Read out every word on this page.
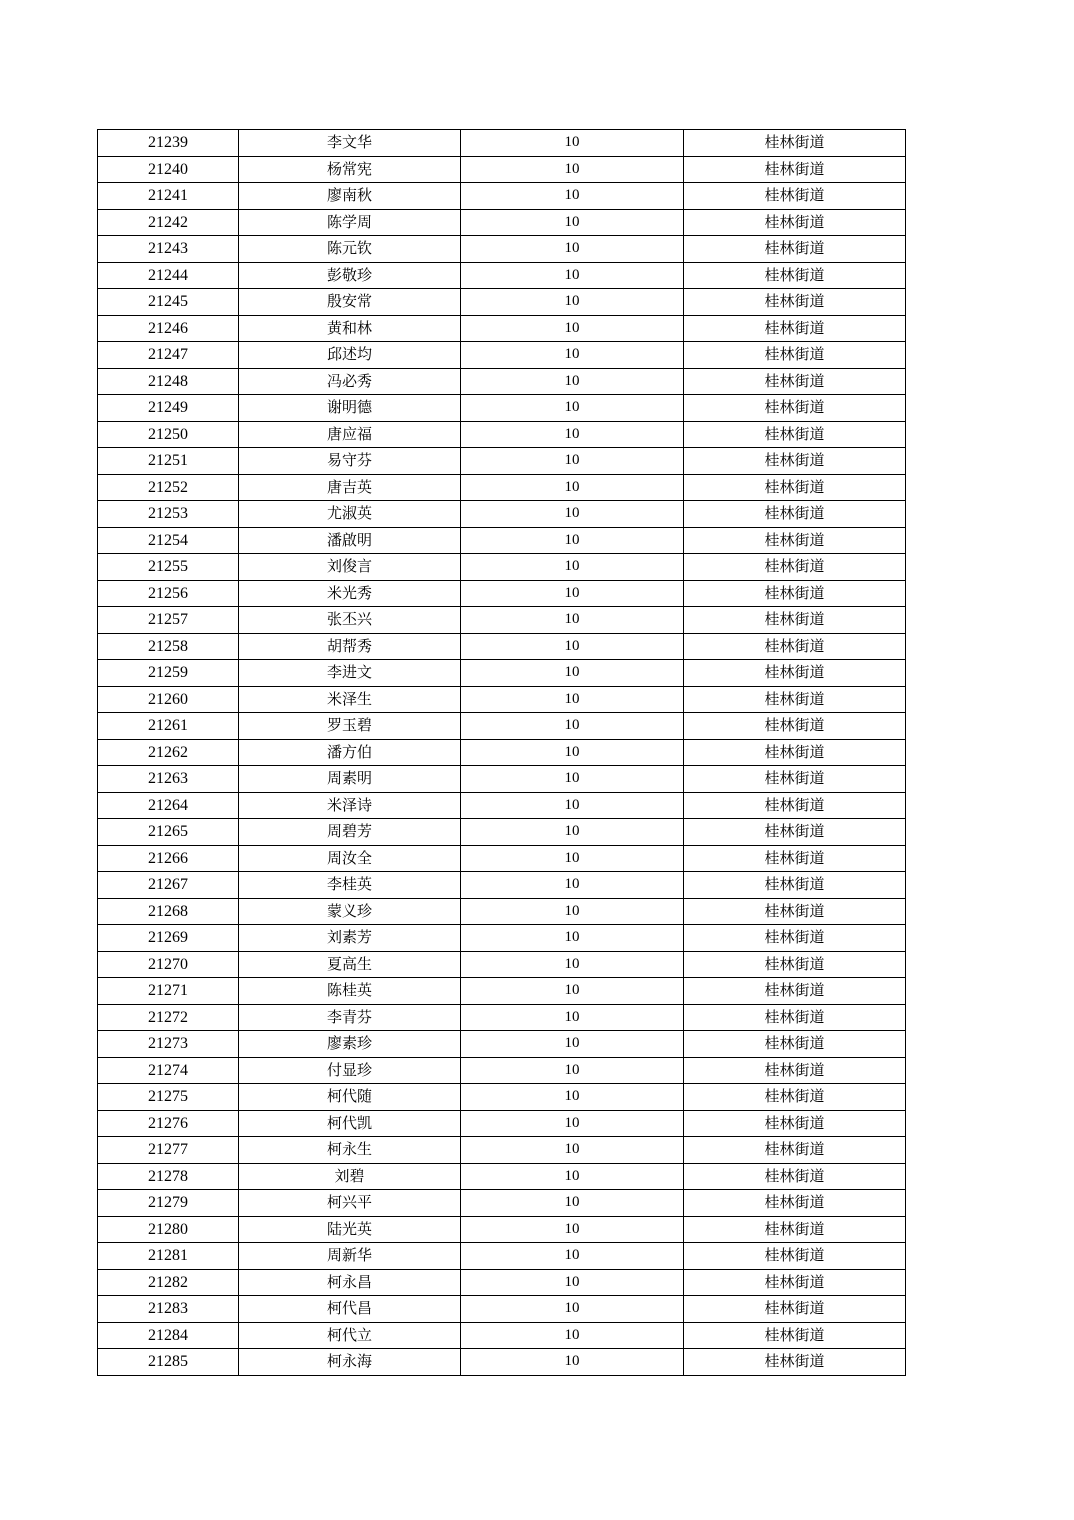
21239	李文华	10	桂林街道
21240	杨常宪	10	桂林街道
21241	廖南秋	10	桂林街道
21242	陈学周	10	桂林街道
21243	陈元钦	10	桂林街道
21244	彭敬珍	10	桂林街道
21245	殷安常	10	桂林街道
21246	黄和林	10	桂林街道
21247	邱述均	10	桂林街道
21248	冯必秀	10	桂林街道
21249	谢明德	10	桂林街道
21250	唐应福	10	桂林街道
21251	易守芬	10	桂林街道
21252	唐吉英	10	桂林街道
21253	尤淑英	10	桂林街道
21254	潘啟明	10	桂林街道
21255	刘俊言	10	桂林街道
21256	米光秀	10	桂林街道
21257	张丕兴	10	桂林街道
21258	胡帮秀	10	桂林街道
21259	李进文	10	桂林街道
21260	米泽生	10	桂林街道
21261	罗玉碧	10	桂林街道
21262	潘方伯	10	桂林街道
21263	周素明	10	桂林街道
21264	米泽诗	10	桂林街道
21265	周碧芳	10	桂林街道
21266	周汝全	10	桂林街道
21267	李桂英	10	桂林街道
21268	蒙义珍	10	桂林街道
21269	刘素芳	10	桂林街道
21270	夏高生	10	桂林街道
21271	陈桂英	10	桂林街道
21272	李青芬	10	桂林街道
21273	廖素珍	10	桂林街道
21274	付显珍	10	桂林街道
21275	柯代随	10	桂林街道
21276	柯代凯	10	桂林街道
21277	柯永生	10	桂林街道
21278	刘碧	10	桂林街道
21279	柯兴平	10	桂林街道
21280	陆光英	10	桂林街道
21281	周新华	10	桂林街道
21282	柯永昌	10	桂林街道
21283	柯代昌	10	桂林街道
21284	柯代立	10	桂林街道
21285	柯永海	10	桂林街道
